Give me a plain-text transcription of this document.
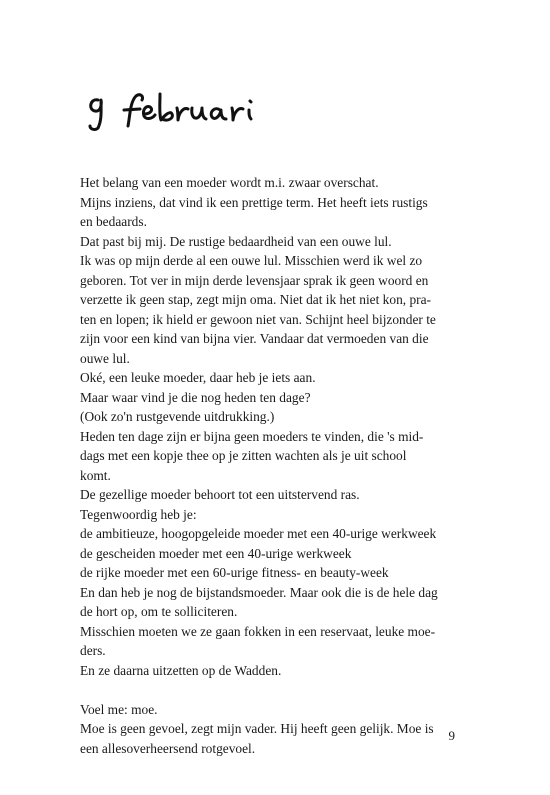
Het belang van een moeder wordt m.i. zwaar overschat.
Mijns inziens, dat vind ik een prettige term. Het heeft iets rustigs
en bedaards.
Dat past bij mij. De rustige bedaardheid van een ouwe lul.
Ik was op mijn derde al een ouwe lul. Misschien werd ik wel zo
geboren. Tot ver in mijn derde levensjaar sprak ik geen woord en
verzette ik geen stap, zegt mijn oma. Niet dat ik het niet kon, pra-
ten en lopen; ik hield er gewoon niet van. Schijnt heel bijzonder te
zijn voor een kind van bijna vier. Vandaar dat vermoeden van die
ouwe lul.
Oké, een leuke moeder, daar heb je iets aan.
Maar waar vind je die nog heden ten dage?
(Ook zo'n rustgevende uitdrukking.)
Heden ten dage zijn er bijna geen moeders te vinden, die 's mid-
dags met een kopje thee op je zitten wachten als je uit school
komt.
De gezellige moeder behoort tot een uitstervend ras.
Tegenwoordig heb je:
de ambitieuze, hoogopgeleide moeder met een 40-urige werkweek
de gescheiden moeder met een 40-urige werkweek
de rijke moeder met een 60-urige fitness- en beauty-week
En dan heb je nog de bijstandsmoeder. Maar ook die is de hele dag
de hort op, om te solliciteren.
Misschien moeten we ze gaan fokken in een reservaat, leuke moe-
ders.
En ze daarna uitzetten op de Wadden.
Voel me: moe.
Moe is geen gevoel, zegt mijn vader. Hij heeft geen gelijk. Moe is
een allesoverheersend rotgevoel.
9
